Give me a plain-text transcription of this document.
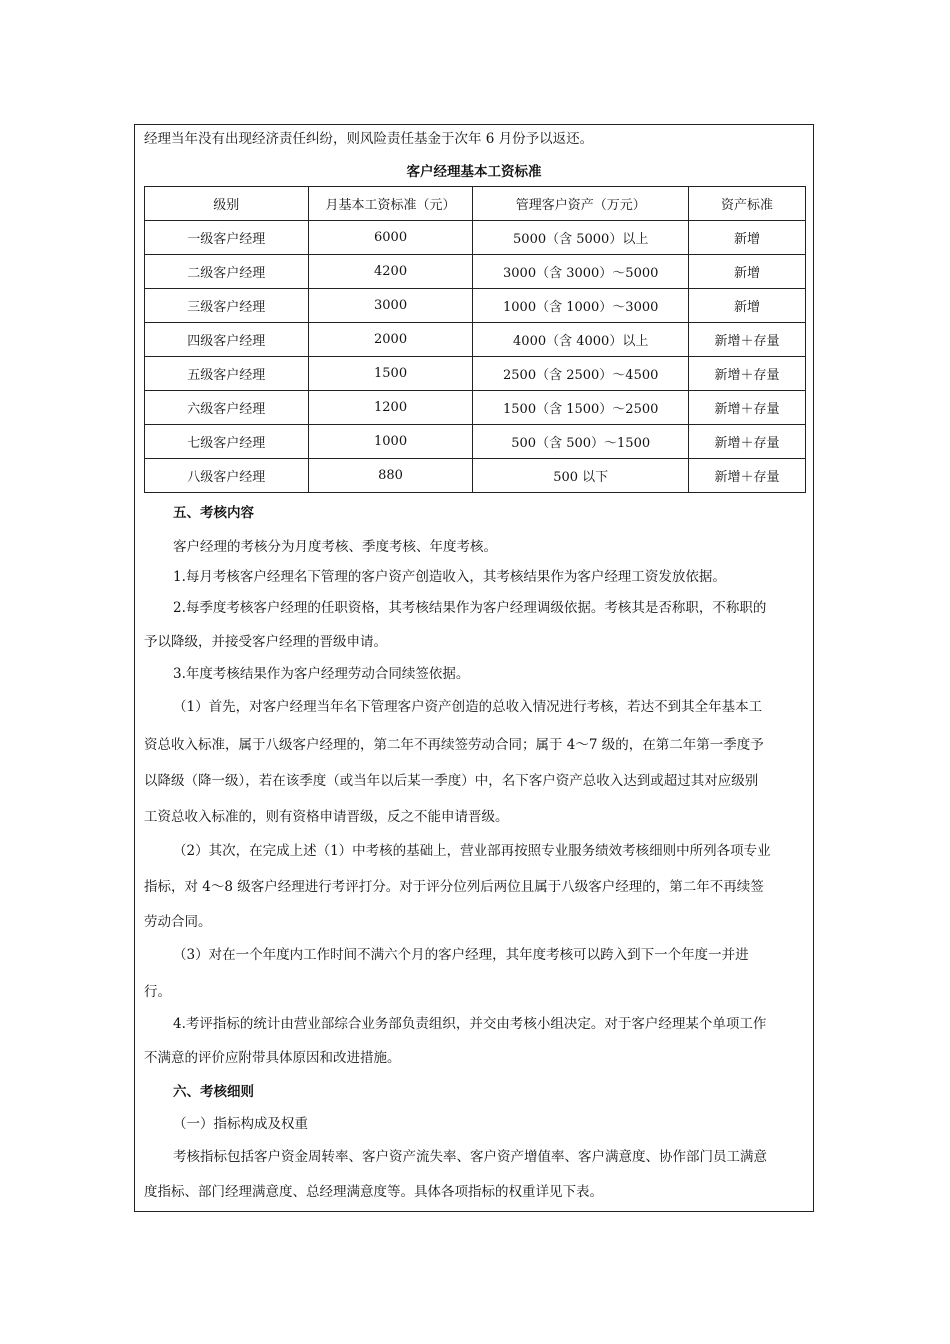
经理当年没有出现经济责任纠纷，则风险责任基金于次年 6 月份予以返还。
客户经理基本工资标准
级别	月基本工资标准（元）	管理客户资产（万元）	资产标准
一级客户经理	6000	5000（含 5000）以上	新增
二级客户经理	4200	3000（含 3000）～5000	新增
三级客户经理	3000	1000（含 1000）～3000	新增
四级客户经理	2000	4000（含 4000）以上	新增＋存量
五级客户经理	1500	2500（含 2500）～4500	新增＋存量
六级客户经理	1200	1500（含 1500）～2500	新增＋存量
七级客户经理	1000	500（含 500）～1500	新增＋存量
八级客户经理	880	500 以下	新增＋存量
五、考核内容
客户经理的考核分为月度考核、季度考核、年度考核。
1.每月考核客户经理名下管理的客户资产创造收入，其考核结果作为客户经理工资发放依据。
2.每季度考核客户经理的任职资格，其考核结果作为客户经理调级依据。考核其是否称职，不称职的
予以降级，并接受客户经理的晋级申请。
3.年度考核结果作为客户经理劳动合同续签依据。
（1）首先，对客户经理当年名下管理客户资产创造的总收入情况进行考核，若达不到其全年基本工
资总收入标准，属于八级客户经理的，第二年不再续签劳动合同；属于 4～7 级的，在第二年第一季度予
以降级（降一级），若在该季度（或当年以后某一季度）中，名下客户资产总收入达到或超过其对应级别
工资总收入标准的，则有资格申请晋级，反之不能申请晋级。
（2）其次，在完成上述（1）中考核的基础上，营业部再按照专业服务绩效考核细则中所列各项专业
指标，对 4～8 级客户经理进行考评打分。对于评分位列后两位且属于八级客户经理的，第二年不再续签
劳动合同。
（3）对在一个年度内工作时间不满六个月的客户经理，其年度考核可以跨入到下一个年度一并进
行。
4.考评指标的统计由营业部综合业务部负责组织，并交由考核小组决定。对于客户经理某个单项工作
不满意的评价应附带具体原因和改进措施。
六、考核细则
（一）指标构成及权重
考核指标包括客户资金周转率、客户资产流失率、客户资产增值率、客户满意度、协作部门员工满意
度指标、部门经理满意度、总经理满意度等。具体各项指标的权重详见下表。
